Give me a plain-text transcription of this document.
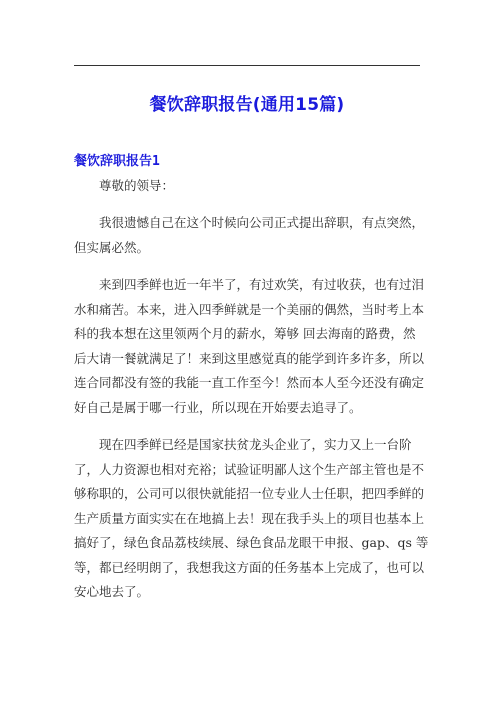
餐饮辞职报告(通用15篇)
餐饮辞职报告1
尊敬的领导：
我很遗憾自己在这个时候向公司正式提出辞职，有点突然，
但实属必然。
来到四季鲜也近一年半了，有过欢笑，有过收获，也有过泪
水和痛苦。本来，进入四季鲜就是一个美丽的偶然，当时考上本
科的我本想在这里领两个月的薪水，筹够 回去海南的路费，然
后大请一餐就满足了！来到这里感觉真的能学到许多许多，所以
连合同都没有签的我能一直工作至今！然而本人至今还没有确定
好自己是属于哪一行业，所以现在开始要去追寻了。
现在四季鲜已经是国家扶贫龙头企业了，实力又上一台阶
了，人力资源也相对充裕；试验证明鄙人这个生产部主管也是不
够称职的，公司可以很快就能招一位专业人士任职，把四季鲜的
生产质量方面实实在在地搞上去！现在我手头上的项目也基本上
搞好了，绿色食品荔枝续展、绿色食品龙眼干申报、gap、qs 等
等，都已经明朗了，我想我这方面的任务基本上完成了，也可以
安心地去了。
